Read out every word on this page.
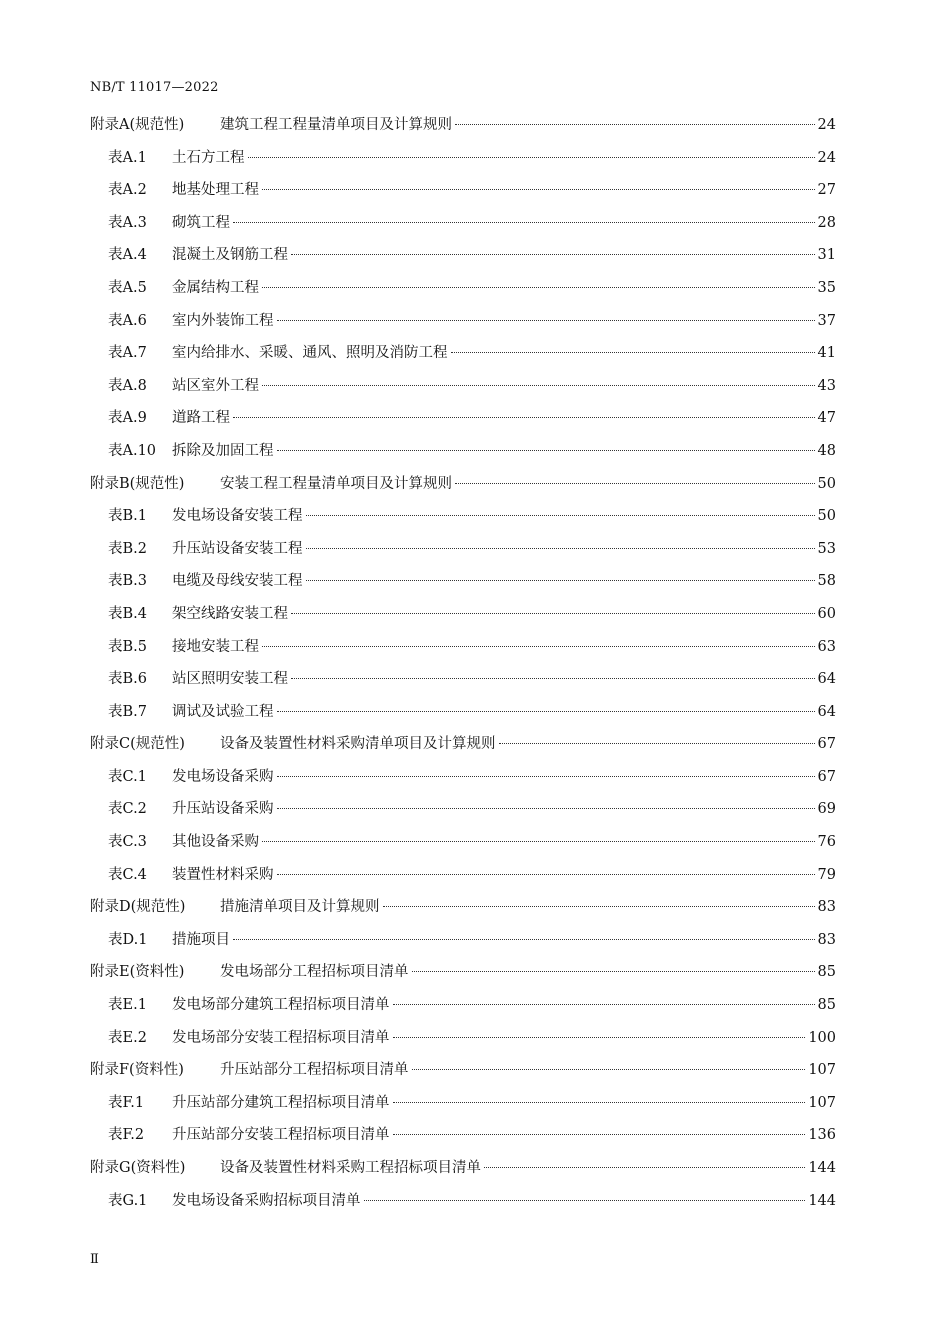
NB/T 11017—2022
附录A(规范性) 建筑工程工程量清单项目及计算规则	24
表A.1 土石方工程	24
表A.2 地基处理工程	27
表A.3 砌筑工程	28
表A.4 混凝土及钢筋工程	31
表A.5 金属结构工程	35
表A.6 室内外装饰工程	37
表A.7 室内给排水、采暖、通风、照明及消防工程	41
表A.8 站区室外工程	43
表A.9 道路工程	47
表A.10 拆除及加固工程	48
附录B(规范性) 安装工程工程量清单项目及计算规则	50
表B.1 发电场设备安装工程	50
表B.2 升压站设备安装工程	53
表B.3 电缆及母线安装工程	58
表B.4 架空线路安装工程	60
表B.5 接地安装工程	63
表B.6 站区照明安装工程	64
表B.7 调试及试验工程	64
附录C(规范性) 设备及装置性材料采购清单项目及计算规则	67
表C.1 发电场设备采购	67
表C.2 升压站设备采购	69
表C.3 其他设备采购	76
表C.4 装置性材料采购	79
附录D(规范性) 措施清单项目及计算规则	83
表D.1 措施项目	83
附录E(资料性) 发电场部分工程招标项目清单	85
表E.1 发电场部分建筑工程招标项目清单	85
表E.2 发电场部分安装工程招标项目清单	100
附录F(资料性) 升压站部分工程招标项目清单	107
表F.1 升压站部分建筑工程招标项目清单	107
表F.2 升压站部分安装工程招标项目清单	136
附录G(资料性) 设备及装置性材料采购工程招标项目清单	144
表G.1 发电场设备采购招标项目清单	144
Ⅱ
